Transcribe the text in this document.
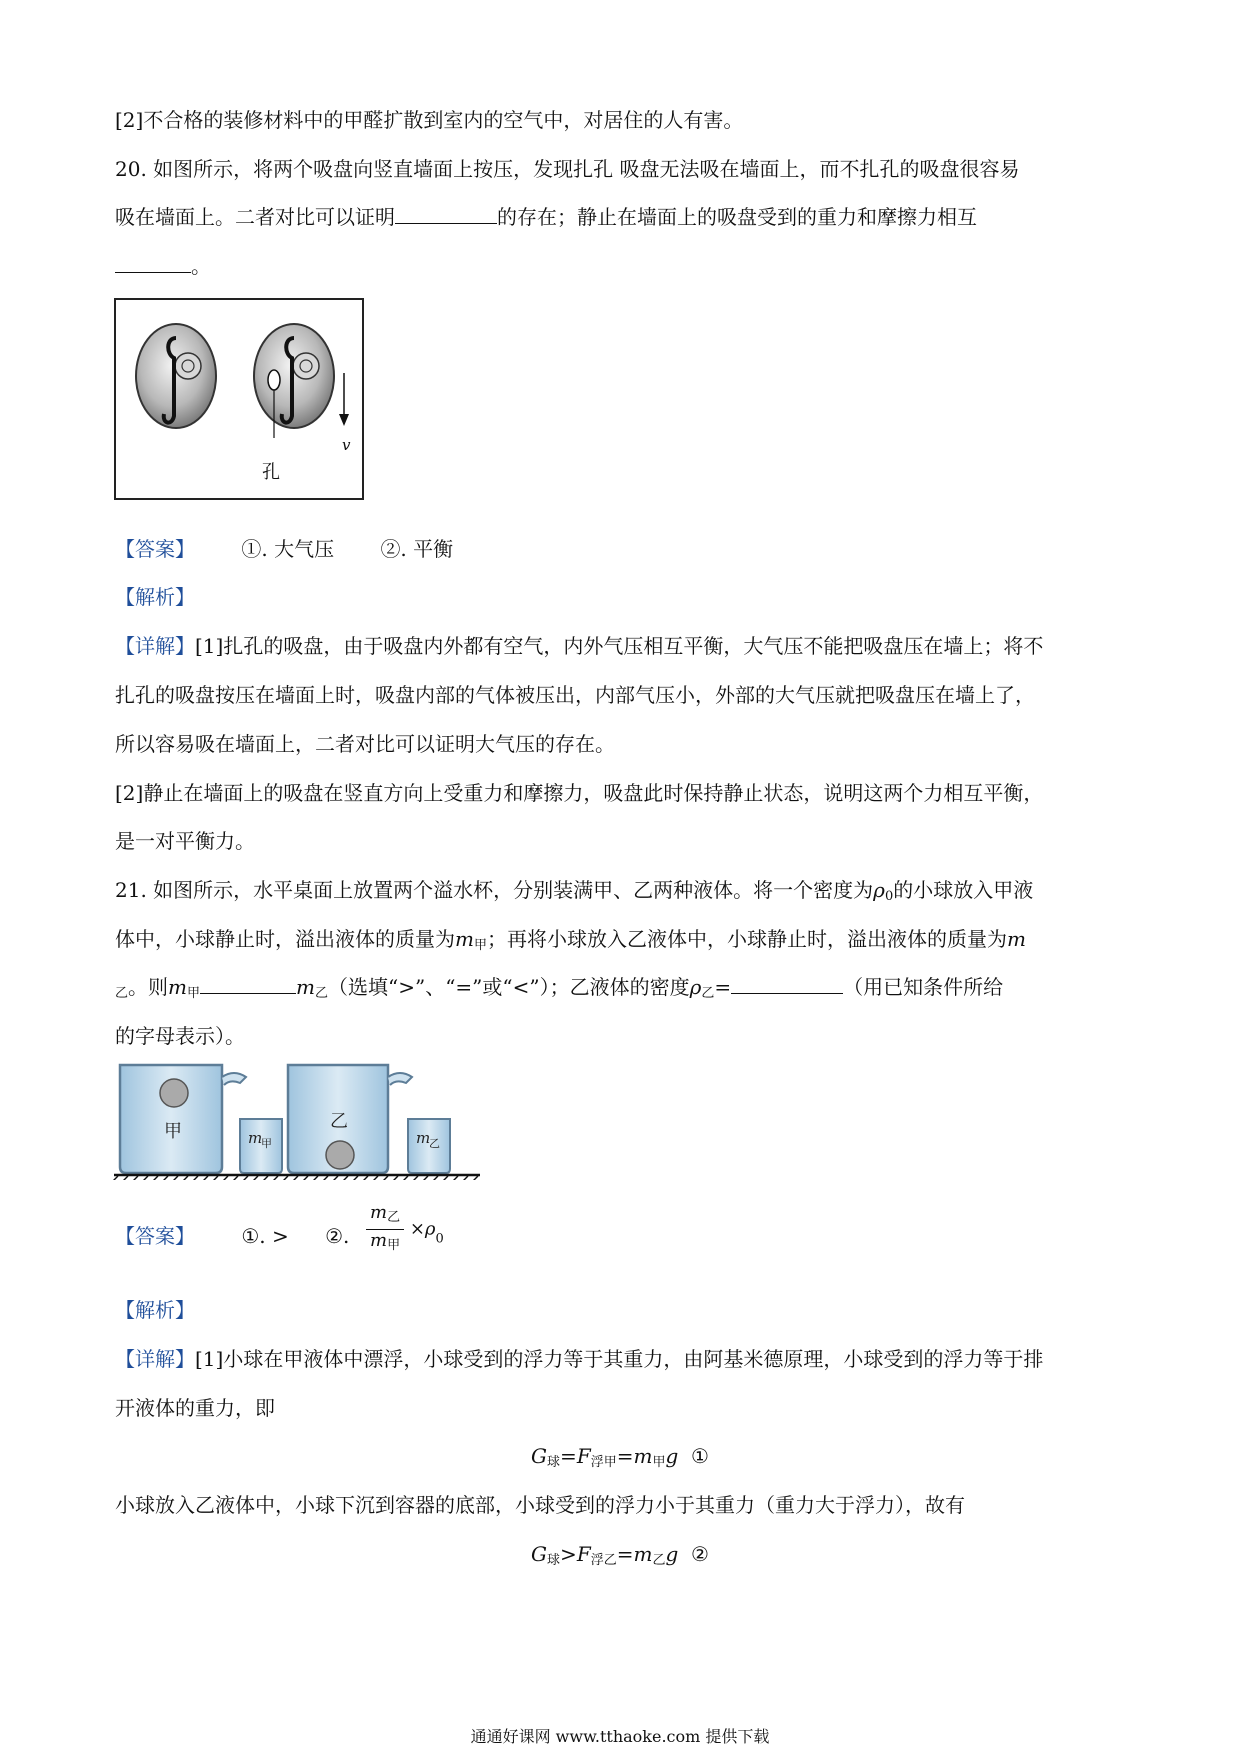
[2]不合格的装修材料中的甲醛扩散到室内的空气中，对居住的人有害。
20. 如图所示，将两个吸盘向竖直墙面上按压，发现扎孔 吸盘无法吸在墙面上，而不扎孔的吸盘很容易
吸在墙面上。二者对比可以证明	的存在；静止在墙面上的吸盘受到的重力和摩擦力相互
。
v
孔
【答案】 ①. 大气压 ②. 平衡
【解析】
【详解】[1]扎孔的吸盘，由于吸盘内外都有空气，内外气压相互平衡，大气压不能把吸盘压在墙上；将不
扎孔的吸盘按压在墙面上时，吸盘内部的气体被压出，内部气压小，外部的大气压就把吸盘压在墙上了，
所以容易吸在墙面上，二者对比可以证明大气压的存在。
[2]静止在墙面上的吸盘在竖直方向上受重力和摩擦力，吸盘此时保持静止状态，说明这两个力相互平衡，
是一对平衡力。
21. 如图所示，水平桌面上放置两个溢水杯，分别装满甲、乙两种液体。将一个密度为$\rho_0$的小球放入甲液
体中，小球静止时，溢出液体的质量为$m_甲$；再将小球放入乙液体中，小球静止时，溢出液体的质量为m
$_乙$。则$m_甲$	$m_乙$（选填“>”、“=”或“<”）；乙液体的密度$\rho_乙=$	（用已知条件所给
的字母表示）。
甲	m
甲
乙
m
乙
【答案】 ①. > ②.
$m_乙$
$m_甲$
$\times\rho_0$
【解析】
【详解】[1]小球在甲液体中漂浮，小球受到的浮力等于其重力，由阿基米德原理，小球受到的浮力等于排
开液体的重力，即
$G_球=F_{浮甲}=m_甲g$ ①
小球放入乙液体中，小球下沉到容器的底部，小球受到的浮力小于其重力（重力大于浮力），故有
$G_球>F_{浮乙}=m_乙g$ ②
通通好课网 www.tthaoke.com 提供下载
